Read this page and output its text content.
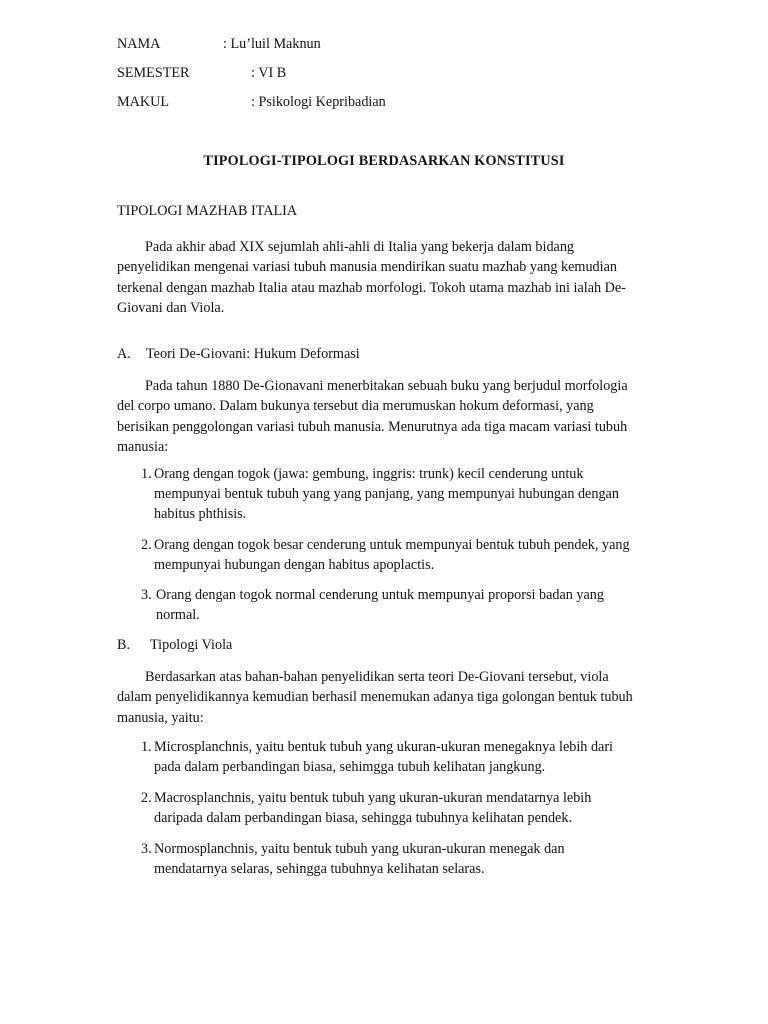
NAMA	: Lu’luil Maknun
SEMESTER	: VI B
MAKUL	: Psikologi Kepribadian
TIPOLOGI-TIPOLOGI BERDASARKAN KONSTITUSI
TIPOLOGI MAZHAB ITALIA
Pada akhir abad XIX sejumlah ahli-ahli di Italia yang bekerja dalam bidang penyelidikan mengenai variasi tubuh manusia mendirikan suatu mazhab yang kemudian terkenal dengan mazhab Italia atau mazhab morfologi. Tokoh utama mazhab ini ialah De-Giovani dan Viola.
A. Teori De-Giovani: Hukum Deformasi
Pada tahun 1880 De-Gionavani menerbitakan sebuah buku yang berjudul morfologia del corpo umano. Dalam bukunya tersebut dia merumuskan hokum deformasi, yang berisikan penggolongan variasi tubuh manusia. Menurutnya ada tiga macam variasi tubuh manusia:
1. Orang dengan togok (jawa: gembung, inggris: trunk) kecil cenderung untuk mempunyai bentuk tubuh yang yang panjang, yang mempunyai hubungan dengan habitus phthisis.
2. Orang dengan togok besar cenderung untuk mempunyai bentuk tubuh pendek, yang mempunyai hubungan dengan habitus apoplactis.
3. Orang dengan togok normal cenderung untuk mempunyai proporsi badan yang normal.
B. Tipologi Viola
Berdasarkan atas bahan-bahan penyelidikan serta teori De-Giovani tersebut, viola dalam penyelidikannya kemudian berhasil menemukan adanya tiga golongan bentuk tubuh manusia, yaitu:
1. Microsplanchnis, yaitu bentuk tubuh yang ukuran-ukuran menegaknya lebih dari pada dalam perbandingan biasa, sehimgga tubuh kelihatan jangkung.
2. Macrosplanchnis, yaitu bentuk tubuh yang ukuran-ukuran mendatarnya lebih daripada dalam perbandingan biasa, sehingga tubuhnya kelihatan pendek.
3. Normosplanchnis, yaitu bentuk tubuh yang ukuran-ukuran menegak dan mendatarnya selaras, sehingga tubuhnya kelihatan selaras.
